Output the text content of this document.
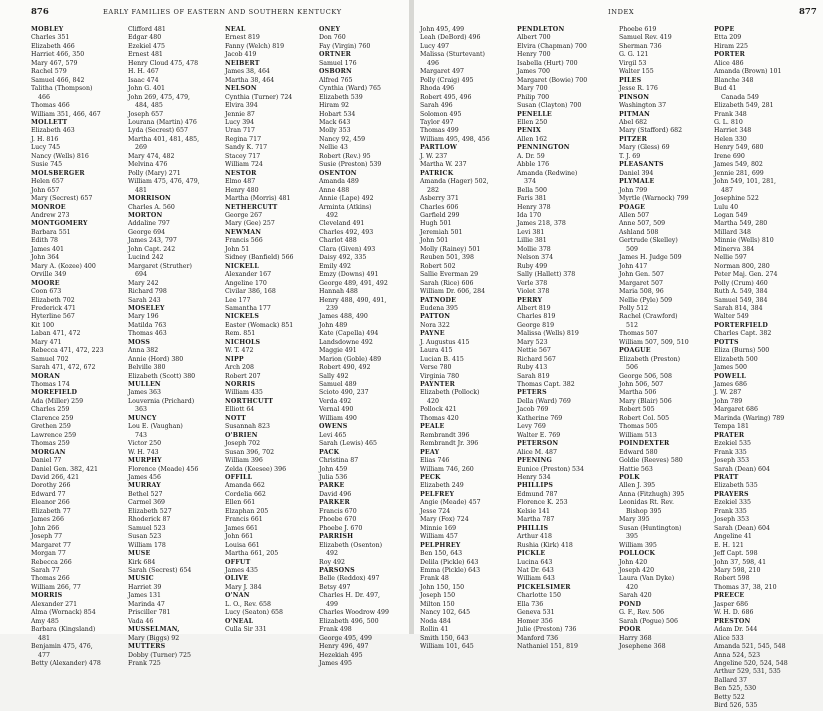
876	EARLY FAMILIES OF EASTERN AND SOUTHERN KENTUCKY
MOBLEY
Charles 351
Elizabeth 466
Harriet 466, 350
Mary 467, 579
Rachel 579
Samuel 466, 842
Talitha (Thompson)
466
Thomas 466
William 351, 466, 467
MOLLETT
Elizabeth 463
J. H. 816
Lucy 745
Nancy (Wells) 816
Susie 745
MOLSBERGER
Helen 657
John 657
Mary (Secrest) 657
MONROE
Andrew 273
MONTGOMERY
Barbara 551
Edith 78
James 401
John 364
Mary A. (Kozee) 400
Orville 349
MOORE
Coon 673
Elizabeth 702
Frederick 471
Hyterline 567
Kit 100
Laban 471, 472
Mary 471
Rebecca 471, 472, 223
Samuel 702
Sarah 471, 472, 672
MORAN
Thomas 174
MOREFIELD
Ada (Miller) 259
Charles 259
Clarence 259
Grethen 259
Lawrence 259
Thomas 259
MORGAN
Daniel 77
Daniel Gen. 382, 421
David 266, 421
Dorothy 266
Edward 77
Eleanor 266
Elizabeth 77
James 266
John 266
Joseph 77
Margaret 77
Morgan 77
Rebecca 266
Sarah 77
Thomas 266
William 266, 77
MORRIS
Alexander 271
Alma (Wornack) 854
Amy 485
Barbara (Kingsland)
481
Benjamin 475, 476,
477
Betty (Alexander) 478
Clifford 481
Edgar 480
Ezekiel 475
Ernest 481
Henry Cloud 475, 478
H. H. 467
Isaac 474
John G. 401
John 269, 475, 479,
484, 485
Joseph 657
Lourana (Martin) 476
Lyda (Secrest) 657
Martha 401, 481, 485,
269
Mary 474, 482
Melvina 476
Polly (Mary) 271
William 475, 476, 479,
481
MORRISON
Charles A. 560
MORTON
Addaline 797
George 694
James 243, 797
John Capt. 242
Lucind 242
Margaret (Struther)
694
Mary 242
Richard 798
Sarah 243
MOSELEY
Mary 196
Matilda 763
Thomas 463
MOSS
Anna 382
Annie (Hord) 380
Belville 380
Elizabeth (Scott) 380
MULLEN
James 363
Louvernia (Prichard)
363
MUNCY
Lou E. (Vaughan)
743
Victor 250
W. H. 743
MURPHY
Florence (Meade) 456
James 456
MURRAY
Bethel 527
Carmel 369
Elizabeth 527
Rhoderick 87
Samuel 523
Susan 523
William 178
MUSE
Kirk 684
Sarah (Secrest) 654
MUSIC
Harriet 39
James 131
Marinda 47
Prisciller 781
Vada 46
MUSSELMAN,
Mary (Biggs) 92
MUTTERS
Dobby (Turner) 725
Frank 725
NEAL
Ernest 819
Fanny (Welch) 819
Jacob 419
NEIBERT
James 38, 464
Martha 38, 464
NELSON
Cynthia (Turner) 724
Elvira 394
Jennie 87
Lucy 394
Uran 717
Regina 717
Sandy K. 717
Stacey 717
William 724
NESTOR
Elmo 487
Henry 480
Martha (Morris) 481
NETHERCUTT
George 267
Mary (Gee) 257
NEWMAN
Francis 566
John 51
Sidney (Banfield) 566
NICKELL
Alexander 167
Angeline 170
Civilar 386, 168
Lee 177
Samantha 177
NICKELS
Easter (Womack) 851
Rem. 851
NICHOLS
W. T. 472
NIPP
Arch 208
Robert 207
NORRIS
William 435
NORTHCUTT
Elliott 64
NOTT
Susannah 823
O'BRIEN
Joseph 702
Susan 396, 702
William 396
Zelda (Keesee) 396
OFFILL
Amanda 662
Cordelia 662
Ellen 661
Elzaphan 205
Francis 661
James 661
John 661
Louisa 661
Martha 661, 205
OFFUT
James 435
OLIVE
Mary J. 384
O'NAN
L. O., Rev. 658
Lucy (Seaton) 658
O'NEAL
Culla Sir 331
ONEY
Don 760
Fay (Virgin) 760
ORTNER
Samuel 176
OSBORN
Alfred 765
Cynthia (Ward) 765
Elizabeth 539
Hiram 92
Hobart 534
Mack 643
Molly 353
Nancy 92, 459
Nellie 43
Robert (Rev.) 95
Susie (Preston) 539
OSENTON
Amanda 489
Anne 488
Annie (Lape) 492
Arminta (Atkins)
492
Cleveland 491
Charles 492, 493
Charlot 488
Clara (Given) 493
Daisy 492, 335
Emily 492
Emzy (Downs) 491
George 489, 491, 492
Hannah 488
Henry 488, 490, 491,
239
James 488, 490
John 489
Kate (Capella) 494
Landsdowne 492
Maggie 491
Marion (Goble) 489
Robert 490, 492
Sally 492
Samuel 489
Scioto 490, 237
Verda 492
Vernal 490
William 490
OWENS
Levi 465
Sarah (Lewis) 465
PACK
Christina 87
John 459
Julia 536
PARKE
David 496
PARKER
Francis 670
Phoebe 670
Phoebe J. 670
PARRISH
Elizabeth (Osenton)
492
Roy 492
PARSONS
Belle (Reddox) 497
Betsy 497
Charles H. Dr. 497,
499
Charles Woodrow 499
Elizabeth 496, 500
Frank 498
George 495, 499
Henry 496, 497
Hezekiah 495
James 495
INDEX	877
John 495, 499
Leah (DeBord) 496
Lucy 497
Malissa (Sturtevant)
496
Margaret 497
Polly (Craig) 495
Rhoda 496
Robert 495, 496
Sarah 496
Solomon 495
Taylor 497
Thomas 499
William 495, 498, 456
PARTLOW
J. W. 237
Martha W. 237
PATRICK
Amanda (Hager) 502,
282
Asberry 371
Charles 606
Garfield 299
Hugh 501
Jeremiah 501
John 501
Molly (Rainey) 501
Reuben 501, 398
Robert 502
Sallie Everman 29
Sarah (Rice) 606
William Dr. 606, 284
PATNODE
Eudena 395
PATTON
Nora 322
PAYNE
J. Augustus 415
Laura 415
Lucian B. 415
Verse 780
Virginia 780
PAYNTER
Elizabeth (Pollock)
420
Pollock 421
Thomas 420
PEALE
Rembrandt 396
Rembrandt Jr. 396
PEAY
Elias 746
William 746, 260
PECK
Elizabeth 249
PELFREY
Angie (Meade) 457
Jesse 724
Mary (Fox) 724
Minnie 169
William 457
PELPHREY
Ben 150, 643
Delila (Pickle) 643
Emma (Pickle) 643
Frank 48
John 150, 150
Joseph 150
Milton 150
Nancy 102, 645
Noda 484
Rollin 41
Smith 150, 643
William 101, 645
PENDLETON
Albert 700
Elvira (Chapman) 700
Henry 700
Isabella (Hurt) 700
James 700
Margaret (Bowie) 700
Mary 700
Philip 700
Susan (Clayton) 700
PENELLE
Ellen 250
PENIX
Allen 162
PENNINGTON
A. Dr. 59
Abble 176
Amanda (Redwine)
374
Bella 500
Faris 381
Henry 378
Ida 170
James 218, 378
Levi 381
Lillie 381
Mollie 378
Nelson 374
Ruby 499
Sally (Hallett) 378
Verle 378
Violet 378
PERRY
Albert 819
Charles 819
George 819
Malissa (Wells) 819
Mary 523
Nettie 567
Richard 567
Ruby 413
Sarah 819
Thomas Capt. 382
PETERS
Della (Ward) 769
Jacob 769
Katherine 769
Levy 769
Walter E. 769
PETERSON
Alice M. 487
PFENING
Eunice (Preston) 534
Henry 534
PHILLIPS
Edmund 787
Florence K. 253
Kelsie 141
Martha 787
PHILLIS
Arthur 418
Rushia (Kirk) 418
PICKLE
Lucina 643
Nat Dr. 643
William 643
PICKELSIMER
Charlotte 150
Ella 736
Geneva 531
Homer 356
Julie (Preston) 736
Manford 736
Nathaniel 151, 819
Phoebe 619
Samuel Rev. 419
Sherman 736
G. G. 121
Virgil 53
Walter 155
PILES
Jesse R. 176
PINSON
Washington 37
PITMAN
Abel 682
Mary (Stafford) 682
PITZER
Mary (Gless) 69
T. J. 69
PLEASANTS
Daniel 394
PLYMALE
John 799
Myrtle (Warnock) 799
POAGE
Allen 507
Anne 507, 509
Ashland 508
Gertrude (Skelley)
509
James H. Judge 509
John 417
John Gen. 507
Margaret 507
Maria 508, 96
Nellie (Pyle) 509
Polly 512
Rachel (Crawford)
512
Thomas 507
William 507, 509, 510
POAGUE
Elizabeth (Preston)
506
George 506, 508
John 506, 507
Martha 506
Mary (Blair) 506
Robert 505
Robert Col. 505
Thomas 505
William 513
POINDEXTER
Edward 580
Goldie (Reeves) 580
Hattie 563
POLK
Allen J. 395
Anna (Fitzhugh) 395
Leonidas Rt. Rev.
Bishop 395
Mary 395
Susan (Huntington)
395
William 395
POLLOCK
John 420
Joseph 420
Laura (Van Dyke)
420
Sarah 420
POND
G. F., Rev. 506
Sarah (Pogue) 506
POOR
Harry 368
Josephene 368
POPE
Etta 209
Hiram 225
PORTER
Alice 486
Amanda (Brown) 101
Blanche 348
Bud 41
Canada 549
Elizabeth 549, 281
Frank 348
G. L. 810
Harriet 348
Helen 330
Henry 549, 680
Irene 690
James 549, 802
Jennie 281, 699
John 549, 101, 281,
487
Josephine 522
Lulu 40
Logan 549
Martha 549, 280
Millard 348
Minnie (Wells) 810
Minerva 384
Nellie 597
Norman 800, 280
Peter Maj. Gen. 274
Polly (Crum) 460
Ruth A. 549, 384
Samuel 549, 384
Sarah 814, 384
Walter 549
PORTERFIELD
Charles Capt. 382
POTTS
Eliza (Burns) 500
Elizabeth 500
James 500
POWELL
James 686
J. W. 287
John 789
Margaret 686
Marinda (Waring) 789
Tempa 181
PRATER
Ezekiel 535
Frank 335
Joseph 353
Sarah (Dean) 604
PRATT
Elizabeth 535
PRAYERS
Ezekiel 335
Frank 335
Joseph 353
Sarah (Dean) 604
Angeline 41
E. H. 121
Jeff Capt. 598
John 37, 598, 41
Mary 598, 210
Robert 598
Thomas 37, 38, 210
PREECE
Jasper 686
W. H. D. 686
PRESTON
Adam Dr. 544
Alice 533
Amanda 521, 545, 548
Anna 524, 523
Angeline 520, 524, 548
Arthur 529, 531, 535
Ballard 37
Ben 525, 530
Betty 522
Bird 526, 535
